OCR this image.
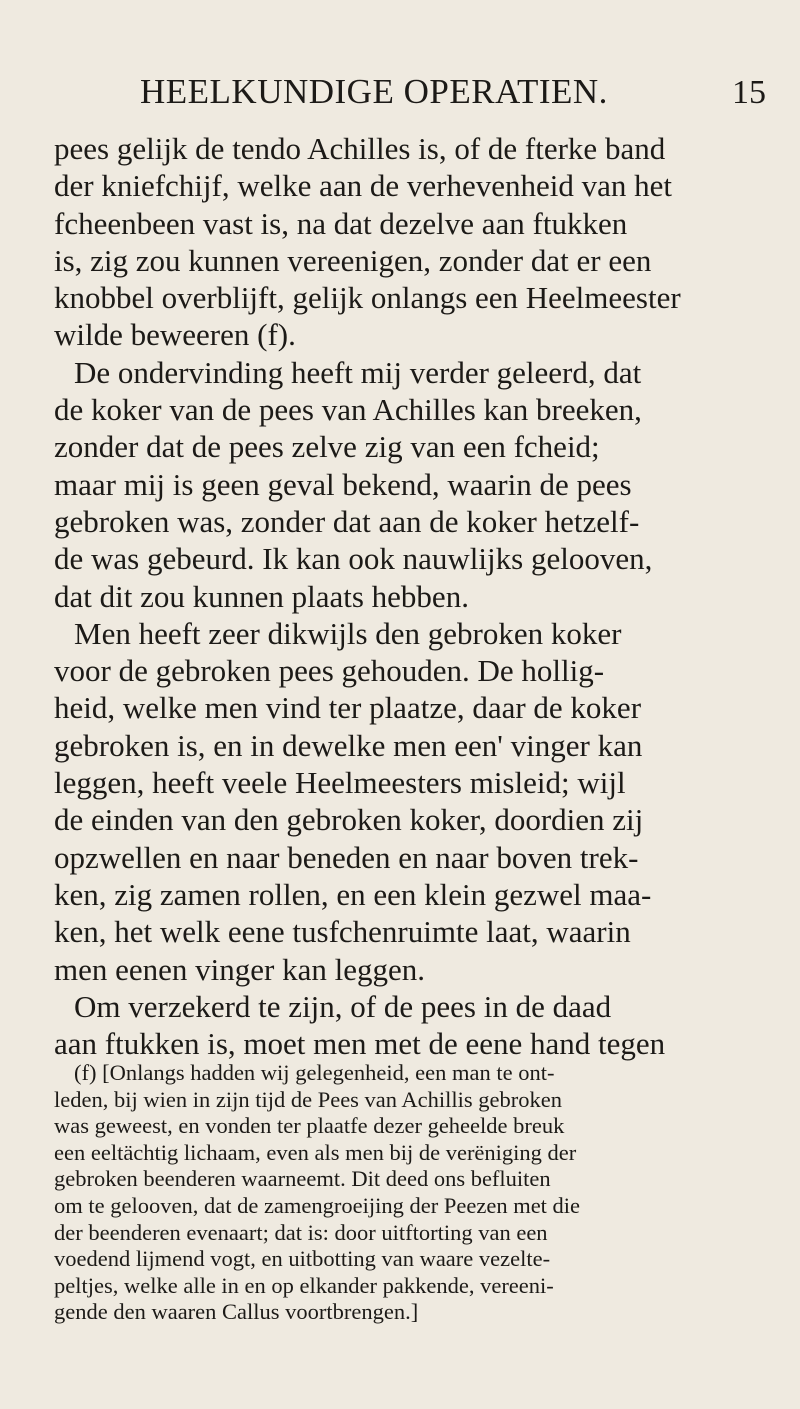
HEELKUNDIGE OPERATIEN.	15
pees gelijk de tendo Achilles is, of de fterke band
der kniefchijf, welke aan de verhevenheid van het
fcheenbeen vast is, na dat dezelve aan ftukken
is, zig zou kunnen vereenigen, zonder dat er een
knobbel overblijft, gelijk onlangs een Heelmeester
wilde beweeren (f).
De ondervinding heeft mij verder geleerd, dat
de koker van de pees van Achilles kan breeken,
zonder dat de pees zelve zig van een fcheid;
maar mij is geen geval bekend, waarin de pees
gebroken was, zonder dat aan de koker hetzelf-
de was gebeurd. Ik kan ook nauwlijks gelooven,
dat dit zou kunnen plaats hebben.
Men heeft zeer dikwijls den gebroken koker
voor de gebroken pees gehouden. De hollig-
heid, welke men vind ter plaatze, daar de koker
gebroken is, en in dewelke men een' vinger kan
leggen, heeft veele Heelmeesters misleid; wijl
de einden van den gebroken koker, doordien zij
opzwellen en naar beneden en naar boven trek-
ken, zig zamen rollen, en een klein gezwel maa-
ken, het welk eene tusfchenruimte laat, waarin
men eenen vinger kan leggen.
Om verzekerd te zijn, of de pees in de daad
aan ftukken is, moet men met de eene hand tegen
(f) [Onlangs hadden wij gelegenheid, een man te ont-
leden, bij wien in zijn tijd de Pees van Achillis gebroken
was geweest, en vonden ter plaatfe dezer geheelde breuk
een eeltächtig lichaam, even als men bij de verëniging der
gebroken beenderen waarneemt. Dit deed ons befluiten
om te gelooven, dat de zamengroeijing der Peezen met die
der beenderen evenaart; dat is: door uitftorting van een
voedend lijmend vogt, en uitbotting van waare vezelte-
peltjes, welke alle in en op elkander pakkende, vereeni-
gende den waaren Callus voortbrengen.]
